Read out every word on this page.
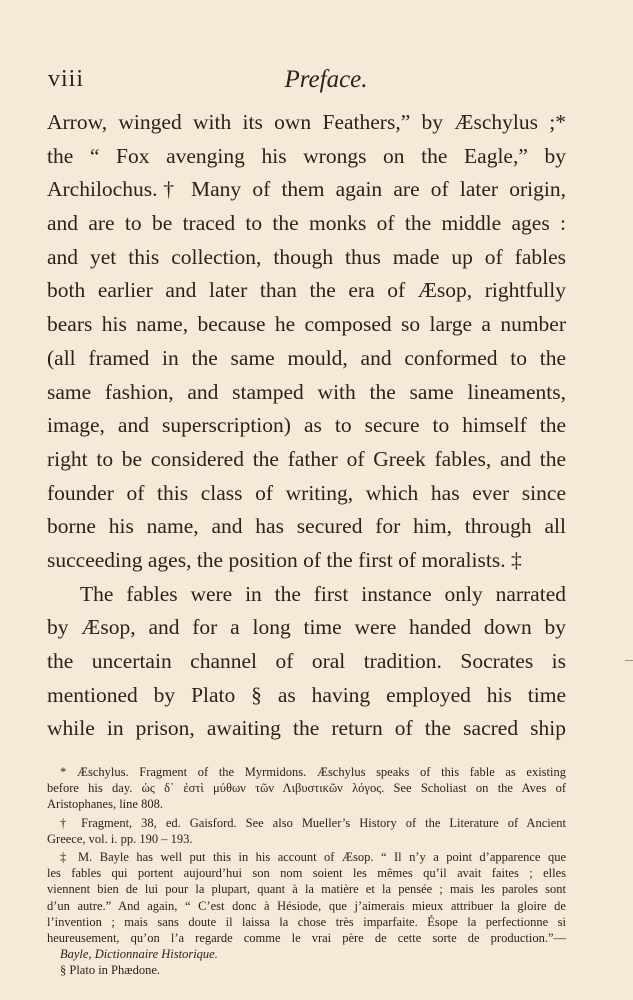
viii	Preface.
Arrow, winged with its own Feathers,” by Æschylus ;*
the “ Fox avenging his wrongs on the Eagle,” by
Archilochus.† Many of them again are of later origin,
and are to be traced to the monks of the middle ages :
and yet this collection, though thus made up of fables
both earlier and later than the era of Æsop, rightfully
bears his name, because he composed so large a number
(all framed in the same mould, and conformed to the
same fashion, and stamped with the same lineaments,
image, and superscription) as to secure to himself the
right to be considered the father of Greek fables, and the
founder of this class of writing, which has ever since
borne his name, and has secured for him, through all
succeeding ages, the position of the first of moralists. ‡
The fables were in the first instance only narrated
by Æsop, and for a long time were handed down by
the uncertain channel of oral tradition. Socrates is
mentioned by Plato § as having employed his time
while in prison, awaiting the return of the sacred ship
* Æschylus. Fragment of the Myrmidons. Æschylus speaks of this fable as existing
before his day. ὡς δ᾽ ἐστὶ μύθων τῶν Λιβυστικῶν λόγος. See Scholiast on the Aves of
Aristophanes, line 808.
† Fragment, 38, ed. Gaisford. See also Mueller’s History of the Literature of Ancient
Greece, vol. i. pp. 190 – 193.
‡ M. Bayle has well put this in his account of Æsop. “ Il n’y a point d’apparence que
les fables qui portent aujourd’hui son nom soient les mêmes qu’il avait faites ; elles
viennent bien de lui pour la plupart, quant à la matière et la pensée ; mais les paroles sont
d’un autre.” And again, “ C’est donc à Hésiode, que j’aimerais mieux attribuer la gloire de
l’invention ; mais sans doute il laissa la chose très imparfaite. Ésope la perfectionne si
heureusement, qu’on l’a regarde comme le vrai père de cette sorte de production.”—
Bayle, Dictionnaire Historique.
§ Plato in Phædone.
